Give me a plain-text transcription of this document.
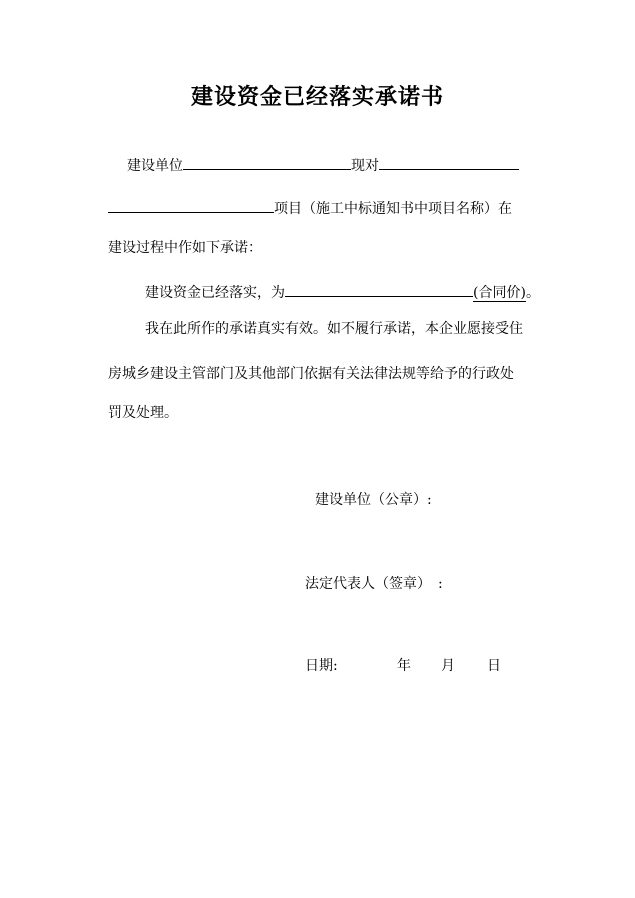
建设资金已经落实承诺书
建设单位	现对
项目（施工中标通知书中项目名称）在
建设过程中作如下承诺：
建设资金已经落实，为	(合同价)。
我在此所作的承诺真实有效。如不履行承诺，本企业愿接受住
房城乡建设主管部门及其他部门依据有关法律法规等给予的行政处
罚及处理。
建设单位（公章）:
法定代表人（签章）　:
日期:	年 月 日
